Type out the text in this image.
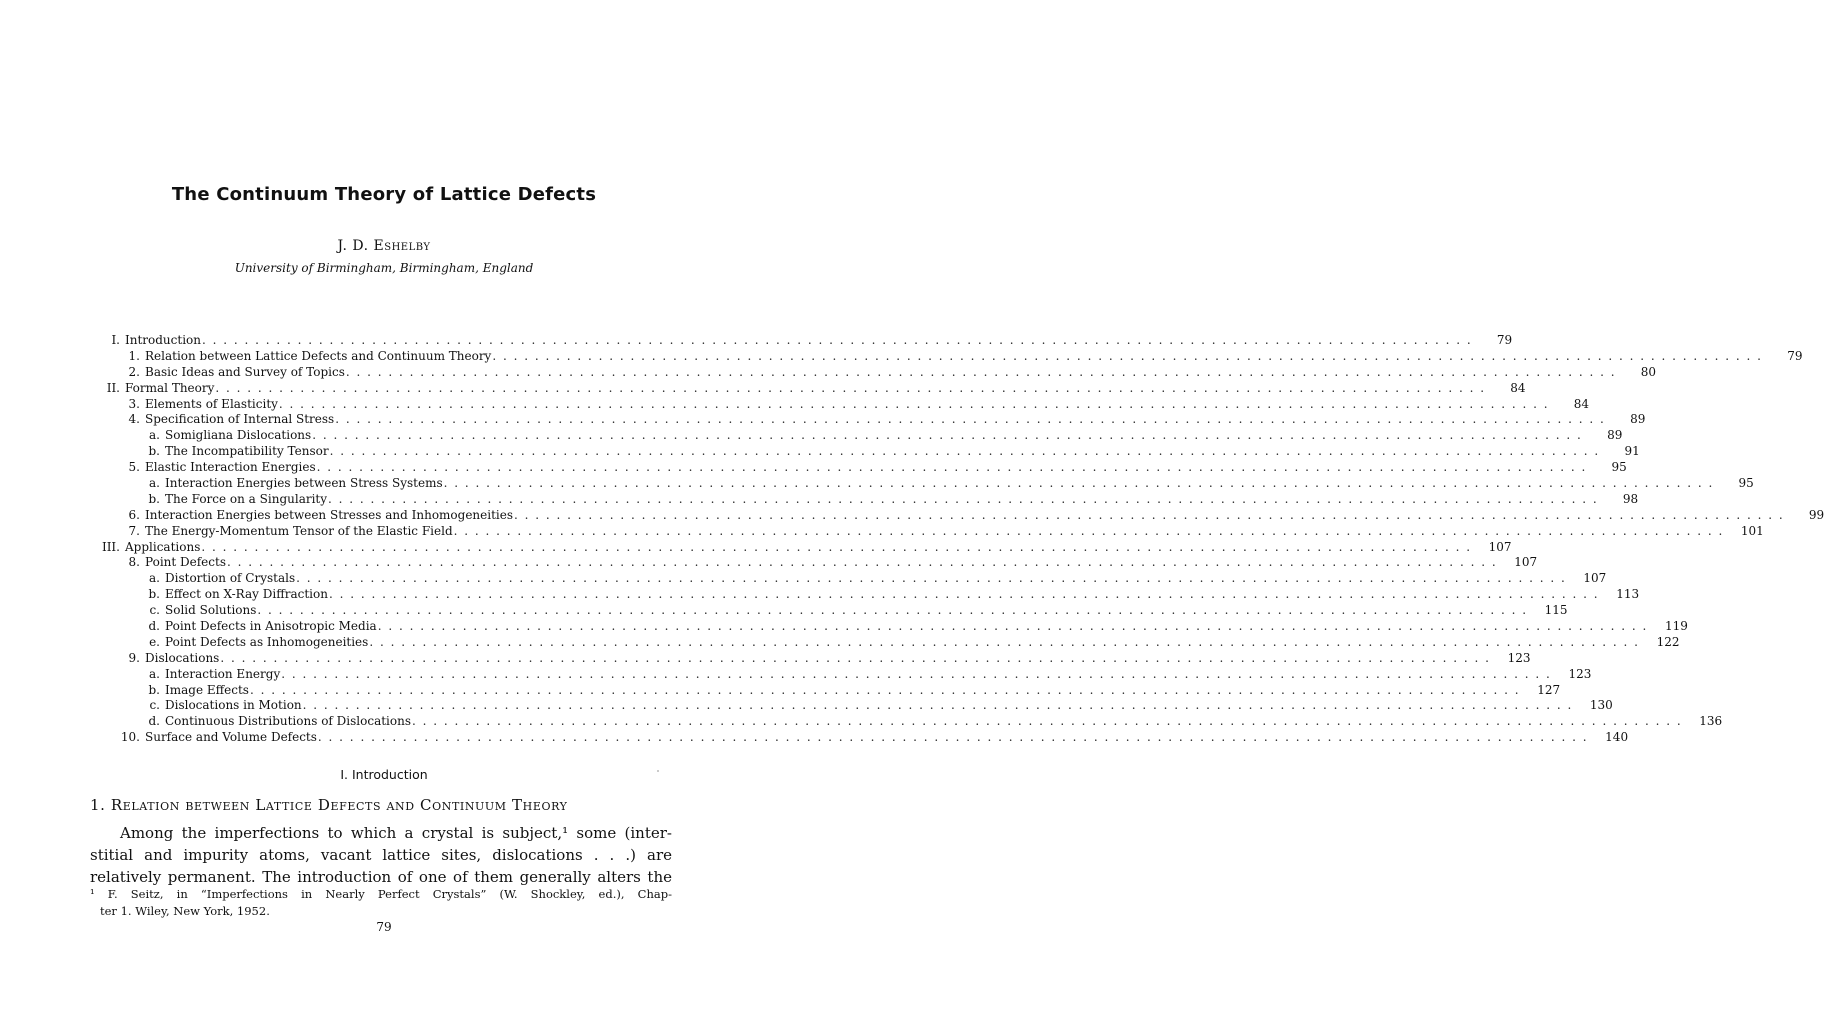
The Continuum Theory of Lattice Defects
J. D. Eshelby
University of Birmingham, Birmingham, England
I. Introduction . . . . . . . . . . . . . . . . . . . . . . . . . . . . . . . . . . . . . . . . . . . . . . . . . . . . . . . . . . . . . . . . . . . . . . . . . . . . . . . . . . . . . . . . . . . . . . . . . . . . . . . . . . . . . . . . . . . . . . . .	79
1. Relation between Lattice Defects and Continuum Theory . . . . . . . . . . . . . . . . . . . . . . . . . . . . . . . . . . . . . . . . . . . . . . . . . . . . . . . . . . . . . . . . . . . . . . . . . . . . . . . . . . . . . . . . . . . . . . . . . . . . . . . . . . . . . . . . . . . . . . . .	79
2. Basic Ideas and Survey of Topics . . . . . . . . . . . . . . . . . . . . . . . . . . . . . . . . . . . . . . . . . . . . . . . . . . . . . . . . . . . . . . . . . . . . . . . . . . . . . . . . . . . . . . . . . . . . . . . . . . . . . . . . . . . . . . . . . . . . . . . .	80
II. Formal Theory . . . . . . . . . . . . . . . . . . . . . . . . . . . . . . . . . . . . . . . . . . . . . . . . . . . . . . . . . . . . . . . . . . . . . . . . . . . . . . . . . . . . . . . . . . . . . . . . . . . . . . . . . . . . . . . . . . . . . . . .	84
3. Elements of Elasticity . . . . . . . . . . . . . . . . . . . . . . . . . . . . . . . . . . . . . . . . . . . . . . . . . . . . . . . . . . . . . . . . . . . . . . . . . . . . . . . . . . . . . . . . . . . . . . . . . . . . . . . . . . . . . . . . . . . . . . . .	84
4. Specification of Internal Stress . . . . . . . . . . . . . . . . . . . . . . . . . . . . . . . . . . . . . . . . . . . . . . . . . . . . . . . . . . . . . . . . . . . . . . . . . . . . . . . . . . . . . . . . . . . . . . . . . . . . . . . . . . . . . . . . . . . . . . . .	89
a. Somigliana Dislocations . . . . . . . . . . . . . . . . . . . . . . . . . . . . . . . . . . . . . . . . . . . . . . . . . . . . . . . . . . . . . . . . . . . . . . . . . . . . . . . . . . . . . . . . . . . . . . . . . . . . . . . . . . . . . . . . . . . . . . . .	89
b. The Incompatibility Tensor . . . . . . . . . . . . . . . . . . . . . . . . . . . . . . . . . . . . . . . . . . . . . . . . . . . . . . . . . . . . . . . . . . . . . . . . . . . . . . . . . . . . . . . . . . . . . . . . . . . . . . . . . . . . . . . . . . . . . . . .	91
5. Elastic Interaction Energies . . . . . . . . . . . . . . . . . . . . . . . . . . . . . . . . . . . . . . . . . . . . . . . . . . . . . . . . . . . . . . . . . . . . . . . . . . . . . . . . . . . . . . . . . . . . . . . . . . . . . . . . . . . . . . . . . . . . . . . .	95
a. Interaction Energies between Stress Systems . . . . . . . . . . . . . . . . . . . . . . . . . . . . . . . . . . . . . . . . . . . . . . . . . . . . . . . . . . . . . . . . . . . . . . . . . . . . . . . . . . . . . . . . . . . . . . . . . . . . . . . . . . . . . . . . . . . . . . . .	95
b. The Force on a Singularity . . . . . . . . . . . . . . . . . . . . . . . . . . . . . . . . . . . . . . . . . . . . . . . . . . . . . . . . . . . . . . . . . . . . . . . . . . . . . . . . . . . . . . . . . . . . . . . . . . . . . . . . . . . . . . . . . . . . . . . .	98
6. Interaction Energies between Stresses and Inhomogeneities . . . . . . . . . . . . . . . . . . . . . . . . . . . . . . . . . . . . . . . . . . . . . . . . . . . . . . . . . . . . . . . . . . . . . . . . . . . . . . . . . . . . . . . . . . . . . . . . . . . . . . . . . . . . . . . . . . . . . . . .	99
7. The Energy-Momentum Tensor of the Elastic Field . . . . . . . . . . . . . . . . . . . . . . . . . . . . . . . . . . . . . . . . . . . . . . . . . . . . . . . . . . . . . . . . . . . . . . . . . . . . . . . . . . . . . . . . . . . . . . . . . . . . . . . . . . . . . . . . . . . . . . . .	101
III. Applications . . . . . . . . . . . . . . . . . . . . . . . . . . . . . . . . . . . . . . . . . . . . . . . . . . . . . . . . . . . . . . . . . . . . . . . . . . . . . . . . . . . . . . . . . . . . . . . . . . . . . . . . . . . . . . . . . . . . . . . .	107
8. Point Defects . . . . . . . . . . . . . . . . . . . . . . . . . . . . . . . . . . . . . . . . . . . . . . . . . . . . . . . . . . . . . . . . . . . . . . . . . . . . . . . . . . . . . . . . . . . . . . . . . . . . . . . . . . . . . . . . . . . . . . . .	107
a. Distortion of Crystals . . . . . . . . . . . . . . . . . . . . . . . . . . . . . . . . . . . . . . . . . . . . . . . . . . . . . . . . . . . . . . . . . . . . . . . . . . . . . . . . . . . . . . . . . . . . . . . . . . . . . . . . . . . . . . . . . . . . . . . .	107
b. Effect on X-Ray Diffraction . . . . . . . . . . . . . . . . . . . . . . . . . . . . . . . . . . . . . . . . . . . . . . . . . . . . . . . . . . . . . . . . . . . . . . . . . . . . . . . . . . . . . . . . . . . . . . . . . . . . . . . . . . . . . . . . . . . . . . . .	113
c. Solid Solutions . . . . . . . . . . . . . . . . . . . . . . . . . . . . . . . . . . . . . . . . . . . . . . . . . . . . . . . . . . . . . . . . . . . . . . . . . . . . . . . . . . . . . . . . . . . . . . . . . . . . . . . . . . . . . . . . . . . . . . . .	115
d. Point Defects in Anisotropic Media . . . . . . . . . . . . . . . . . . . . . . . . . . . . . . . . . . . . . . . . . . . . . . . . . . . . . . . . . . . . . . . . . . . . . . . . . . . . . . . . . . . . . . . . . . . . . . . . . . . . . . . . . . . . . . . . . . . . . . . .	119
e. Point Defects as Inhomogeneities . . . . . . . . . . . . . . . . . . . . . . . . . . . . . . . . . . . . . . . . . . . . . . . . . . . . . . . . . . . . . . . . . . . . . . . . . . . . . . . . . . . . . . . . . . . . . . . . . . . . . . . . . . . . . . . . . . . . . . . .	122
9. Dislocations . . . . . . . . . . . . . . . . . . . . . . . . . . . . . . . . . . . . . . . . . . . . . . . . . . . . . . . . . . . . . . . . . . . . . . . . . . . . . . . . . . . . . . . . . . . . . . . . . . . . . . . . . . . . . . . . . . . . . . . .	123
a. Interaction Energy . . . . . . . . . . . . . . . . . . . . . . . . . . . . . . . . . . . . . . . . . . . . . . . . . . . . . . . . . . . . . . . . . . . . . . . . . . . . . . . . . . . . . . . . . . . . . . . . . . . . . . . . . . . . . . . . . . . . . . . .	123
b. Image Effects . . . . . . . . . . . . . . . . . . . . . . . . . . . . . . . . . . . . . . . . . . . . . . . . . . . . . . . . . . . . . . . . . . . . . . . . . . . . . . . . . . . . . . . . . . . . . . . . . . . . . . . . . . . . . . . . . . . . . . . .	127
c. Dislocations in Motion . . . . . . . . . . . . . . . . . . . . . . . . . . . . . . . . . . . . . . . . . . . . . . . . . . . . . . . . . . . . . . . . . . . . . . . . . . . . . . . . . . . . . . . . . . . . . . . . . . . . . . . . . . . . . . . . . . . . . . . .	130
d. Continuous Distributions of Dislocations . . . . . . . . . . . . . . . . . . . . . . . . . . . . . . . . . . . . . . . . . . . . . . . . . . . . . . . . . . . . . . . . . . . . . . . . . . . . . . . . . . . . . . . . . . . . . . . . . . . . . . . . . . . . . . . . . . . . . . . .	136
10. Surface and Volume Defects . . . . . . . . . . . . . . . . . . . . . . . . . . . . . . . . . . . . . . . . . . . . . . . . . . . . . . . . . . . . . . . . . . . . . . . . . . . . . . . . . . . . . . . . . . . . . . . . . . . . . . . . . . . . . . . . . . . . . . . .	140
I. Introduction
1. Relation between Lattice Defects and Continuum Theory
Among the imperfections to which a crystal is subject,¹ some (inter-
stitial and impurity atoms, vacant lattice sites, dislocations . . .) are
relatively permanent. The introduction of one of them generally alters the
¹ F. Seitz, in “Imperfections in Nearly Perfect Crystals” (W. Shockley, ed.), Chap-
ter 1. Wiley, New York, 1952.
79
